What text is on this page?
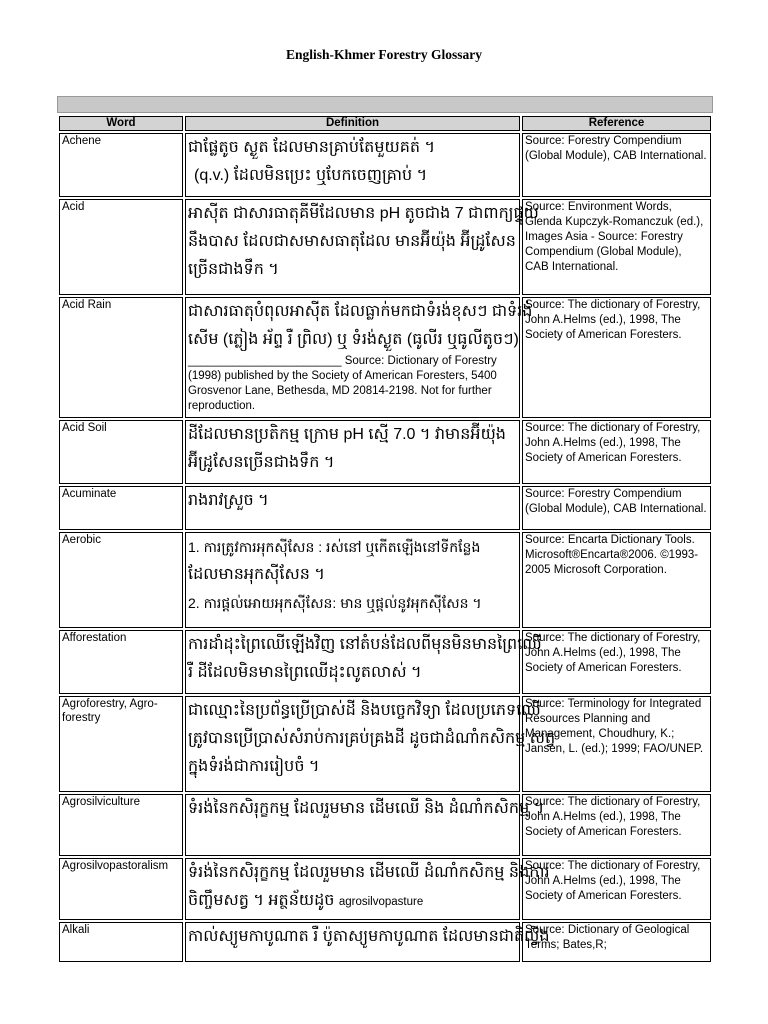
English-Khmer Forestry Glossary
Word	Definition	Reference
Achene	ជាផ្លែតូច ស្ងួត ដែលមានគ្រាប់តែមួយគត់ ។
(q.v.) ដែលមិនប្រេះ ឬបែកចេញគ្រាប់ ។	Source: Forestry Compendium (Global Module), CAB International.
Acid	អាស៊ីត ជាសារធាតុគីមីដែលមាន pH តូចជាង 7 ជាពាក្យផ្ទុយ
នឹងបាស ដែលជាសមាសធាតុដែល មានអ៊ីយ៉ុង អ៊ីដ្រូសែន
ច្រើនជាងទឹក ។	Source: Environment Words, Glenda Kupczyk-Romanczuk (ed.), Images Asia - Source: Forestry Compendium (Global Module), CAB International.
Acid Rain	ជាសារធាតុបំពុលអាស៊ីត ដែលធ្លាក់មកជាទំរង់ខុសៗ ជាទំរង់
សើម (ភ្លៀង អ័ព្ទ រឺ ព្រិល) ឬ ទំរង់ស្ងួត (ធូលីរ ឬធូលីតូចៗ)
________________________ Source: Dictionary of Forestry (1998) published by the Society of American Foresters, 5400 Grosvenor Lane, Bethesda, MD 20814-2198. Not for further reproduction.	Source: The dictionary of Forestry, John A.Helms (ed.), 1998, The Society of American Foresters.
Acid Soil	ដីដែលមានប្រតិកម្ម ក្រោម pH ស្មើ 7.0 ។ វាមានអ៊ីយ៉ុង
អ៊ីដ្រូសែនច្រើនជាងទឹក ។	Source: The dictionary of Forestry, John A.Helms (ed.), 1998, The Society of American Foresters.
Acuminate	រាងរាវស្រួច ។	Source: Forestry Compendium (Global Module), CAB International.
Aerobic	1. ការត្រូវការអុកស៊ីសែន : រស់នៅ ឬកើតឡើងនៅទីកន្លែង
ដែលមានអុកស៊ីសែន ។
2. ការផ្តល់អោយអុកស៊ីសែន: មាន ឬផ្តល់នូវអុកស៊ីសែន ។	Source: Encarta Dictionary Tools. Microsoft®Encarta®2006. ©1993-2005 Microsoft Corporation.
Afforestation	ការដាំដុះព្រៃឈើឡើងវិញ នៅតំបន់ដែលពីមុនមិនមានព្រៃឈើ
រឺ ដីដែលមិនមានព្រៃឈើដុះលូតលាស់ ។	Source: The dictionary of Forestry, John A.Helms (ed.), 1998, The Society of American Foresters.
Agroforestry, Agro-forestry	ជាឈ្មោះនៃប្រព័ន្ធប្រើប្រាស់ដី និងបច្ចេកវិទ្យា ដែលប្រភេទឈើ
ត្រូវបានប្រើប្រាស់សំរាប់ការគ្រប់គ្រងដី ដូចជាដំណាំកសិកម្ម សត្វ
ក្នុងទំរង់ជាការរៀបចំ ។	Source: Terminology for Integrated Resources Planning and Management, Choudhury, K.; Jansen, L. (ed.); 1999; FAO/UNEP.
Agrosilviculture	ទំរង់នៃកសិរុក្ខកម្ម ដែលរួមមាន ដើមឈើ និង ដំណាំកសិកម្ម ។	Source: The dictionary of Forestry, John A.Helms (ed.), 1998, The Society of American Foresters.
Agrosilvopastoralism	ទំរង់នៃកសិរុក្ខកម្ម ដែលរួមមាន ដើមឈើ ដំណាំកសិកម្ម និងការ
ចិញ្ចឹមសត្វ ។ អត្ថន័យដូច agrosilvopasture	Source: The dictionary of Forestry, John A.Helms (ed.), 1998, The Society of American Foresters.
Alkali	កាល់ស្យូមកាបូណាត រឺ ប៉ូតាស្យូមកាបូណាត ដែលមានជាតិល្វីង	Source: Dictionary of Geological Terms; Bates,R;
